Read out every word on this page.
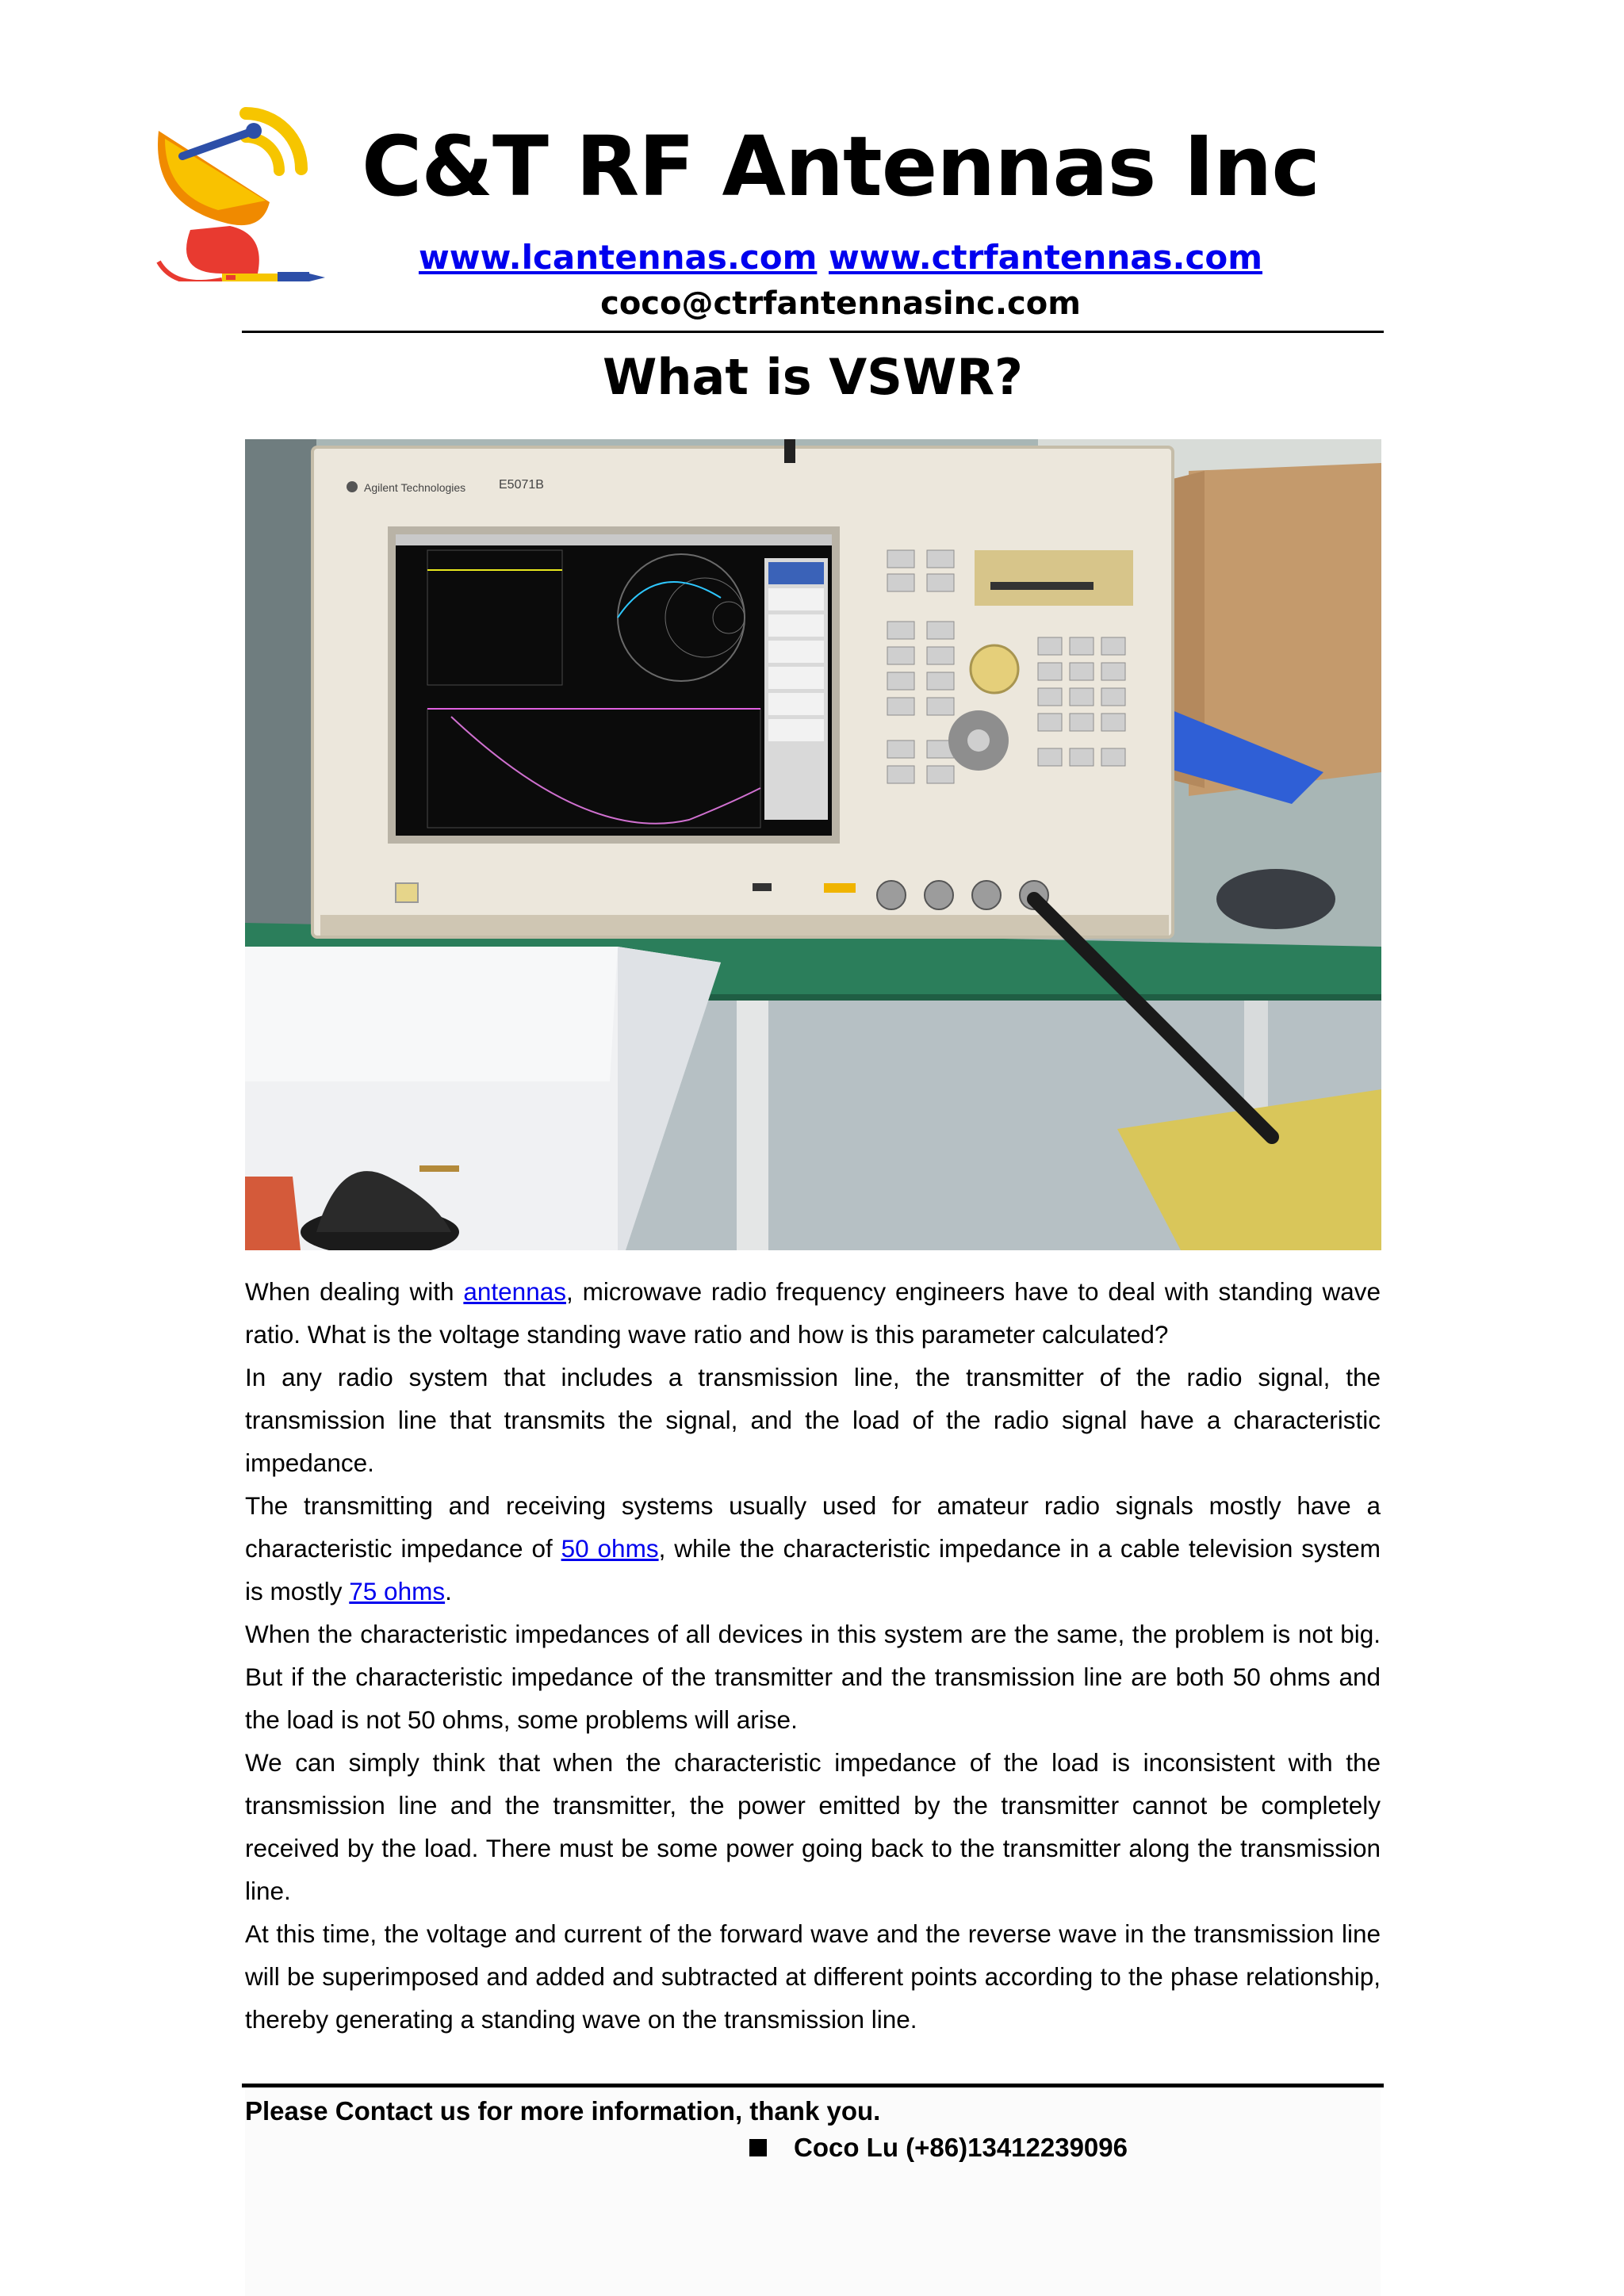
C&T RF Antennas Inc
www.lcantennas.com www.ctrfantennas.com
coco@ctrfantennasinc.com
What is VSWR?
Agilent Technologies	E5071B

When dealing with antennas, microwave radio frequency engineers have to deal with standing wave ratio. What is the voltage standing wave ratio and how is this parameter calculated?

In any radio system that includes a transmission line, the transmitter of the radio signal, the transmission line that transmits the signal, and the load of the radio signal have a characteristic impedance.

The transmitting and receiving systems usually used for amateur radio signals mostly have a characteristic impedance of 50 ohms, while the characteristic impedance in a cable television system is mostly 75 ohms.

When the characteristic impedances of all devices in this system are the same, the problem is not big. But if the characteristic impedance of the transmitter and the transmission line are both 50 ohms and the load is not 50 ohms, some problems will arise.

We can simply think that when the characteristic impedance of the load is inconsistent with the transmission line and the transmitter, the power emitted by the transmitter cannot be completely received by the load. There must be some power going back to the transmitter along the transmission line.

At this time, the voltage and current of the forward wave and the reverse wave in the transmission line will be superimposed and added and subtracted at different points according to the phase relationship, thereby generating a standing wave on the transmission line.

Please Contact us for more information, thank you.
Coco Lu (+86)13412239096
